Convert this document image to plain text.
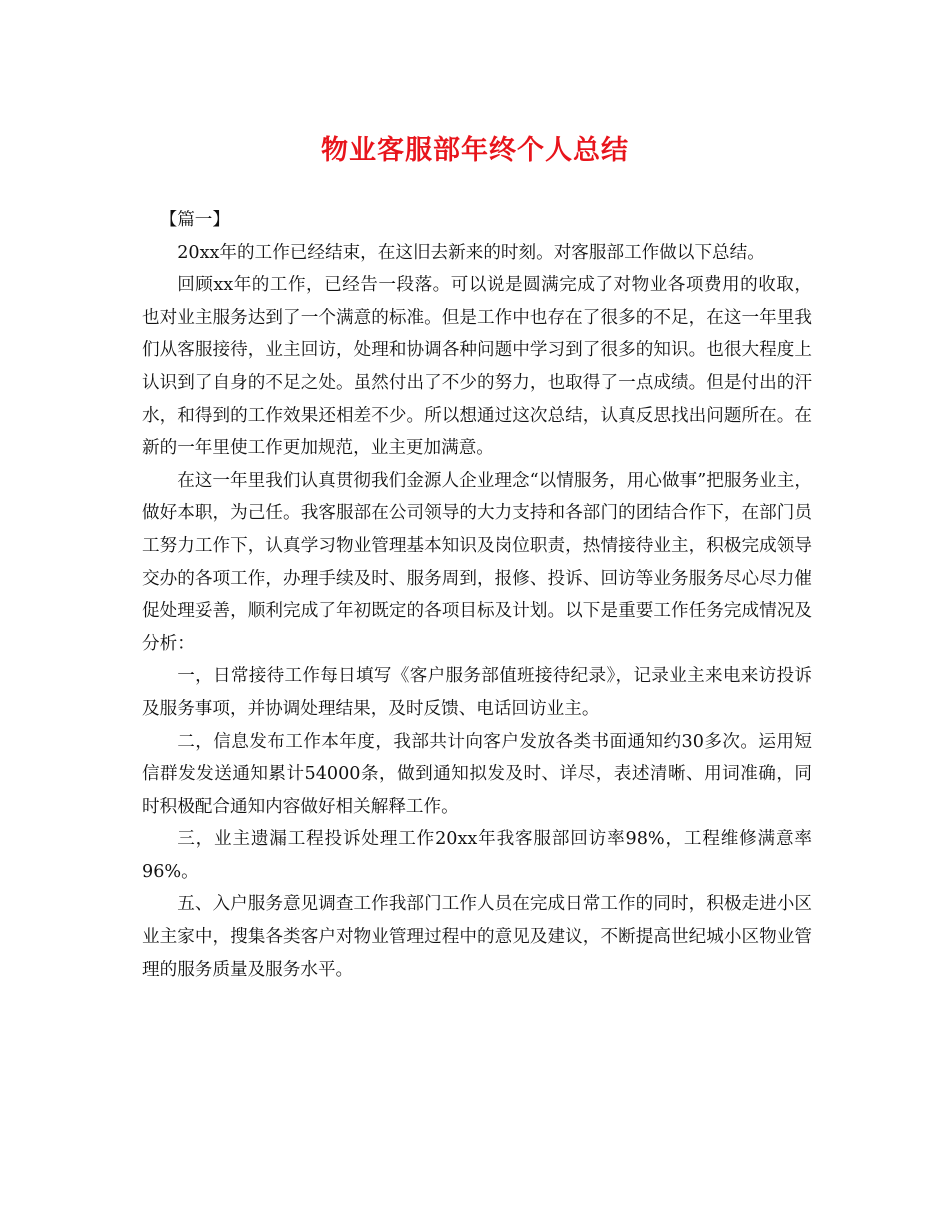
物业客服部年终个人总结

【篇一】

20xx年的工作已经结束，在这旧去新来的时刻。对客服部工作做以下总结。

回顾xx年的工作，已经告一段落。可以说是圆满完成了对物业各项费用的收取，也对业主服务达到了一个满意的标准。但是工作中也存在了很多的不足，在这一年里我们从客服接待，业主回访，处理和协调各种问题中学习到了很多的知识。也很大程度上认识到了自身的不足之处。虽然付出了不少的努力，也取得了一点成绩。但是付出的汗水，和得到的工作效果还相差不少。所以想通过这次总结，认真反思找出问题所在。在新的一年里使工作更加规范，业主更加满意。

在这一年里我们认真贯彻我们金源人企业理念“以情服务，用心做事”把服务业主，做好本职，为己任。我客服部在公司领导的大力支持和各部门的团结合作下，在部门员工努力工作下，认真学习物业管理基本知识及岗位职责，热情接待业主，积极完成领导交办的各项工作，办理手续及时、服务周到，报修、投诉、回访等业务服务尽心尽力催促处理妥善，顺利完成了年初既定的各项目标及计划。以下是重要工作任务完成情况及分析：

一，日常接待工作每日填写《客户服务部值班接待纪录》，记录业主来电来访投诉及服务事项，并协调处理结果，及时反馈、电话回访业主。

二，信息发布工作本年度，我部共计向客户发放各类书面通知约30多次。运用短信群发发送通知累计54000条，做到通知拟发及时、详尽，表述清晰、用词准确，同时积极配合通知内容做好相关解释工作。

三，业主遗漏工程投诉处理工作20xx年我客服部回访率98%，工程维修满意率96%。

五、入户服务意见调查工作我部门工作人员在完成日常工作的同时，积极走进小区业主家中，搜集各类客户对物业管理过程中的意见及建议，不断提高世纪城小区物业管理的服务质量及服务水平。
